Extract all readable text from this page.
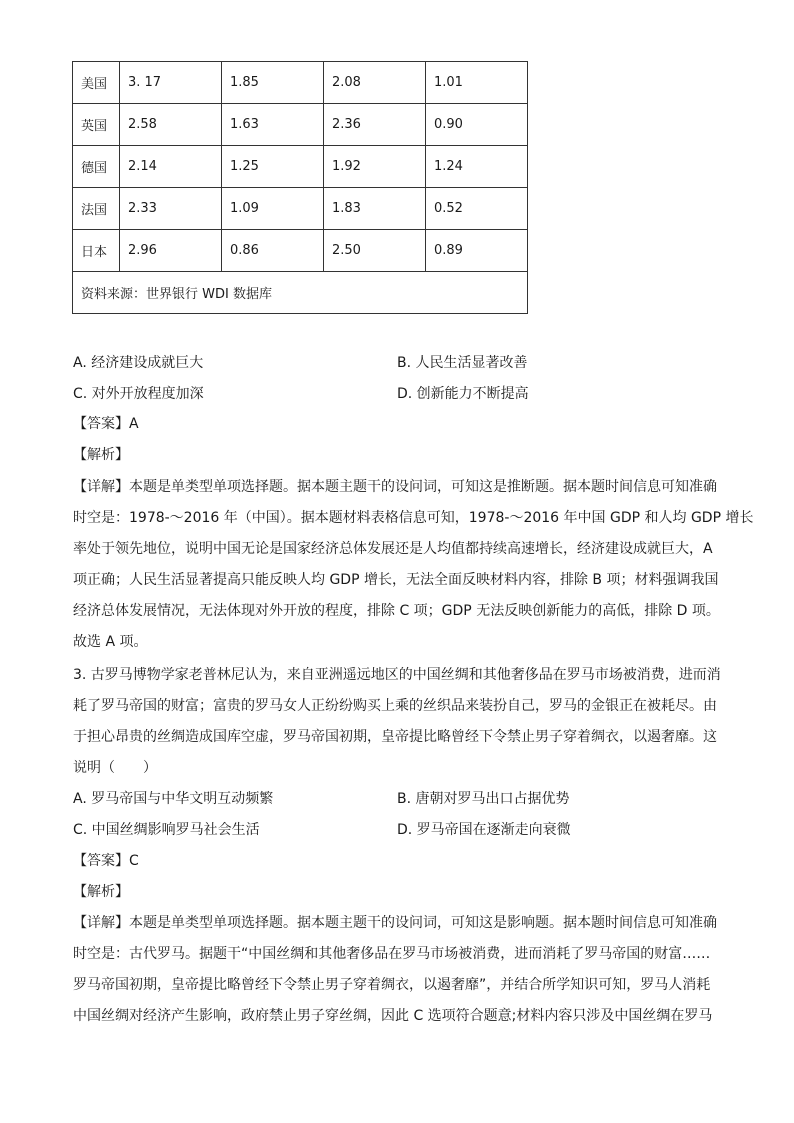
美国	3. 17	1.85	2.08	1.01
英国	2.58	1.63	2.36	0.90
德国	2.14	1.25	1.92	1.24
法国	2.33	1.09	1.83	0.52
日本	2.96	0.86	2.50	0.89
资料来源：世界银行 WDI 数据库				
A. 经济建设成就巨大	B. 人民生活显著改善
C. 对外开放程度加深	D. 创新能力不断提高
【答案】A
【解析】
【详解】本题是单类型单项选择题。据本题主题干的设问词，可知这是推断题。据本题时间信息可知准确
时空是：1978-～2016 年（中国）。据本题材料表格信息可知，1978-～2016 年中国 GDP 和人均 GDP 增长
率处于领先地位，说明中国无论是国家经济总体发展还是人均值都持续高速增长，经济建设成就巨大，A
项正确；人民生活显著提高只能反映人均 GDP 增长，无法全面反映材料内容，排除 B 项；材料强调我国
经济总体发展情况，无法体现对外开放的程度，排除 C 项；GDP 无法反映创新能力的高低，排除 D 项。
故选 A 项。
3. 古罗马博物学家老普林尼认为，来自亚洲遥远地区的中国丝绸和其他奢侈品在罗马市场被消费，进而消
耗了罗马帝国的财富；富贵的罗马女人正纷纷购买上乘的丝织品来装扮自己，罗马的金银正在被耗尽。由
于担心昂贵的丝绸造成国库空虚，罗马帝国初期，皇帝提比略曾经下令禁止男子穿着绸衣，以遏奢靡。这
说明（　　）
A. 罗马帝国与中华文明互动频繁	B. 唐朝对罗马出口占据优势
C. 中国丝绸影响罗马社会生活	D. 罗马帝国在逐渐走向衰微
【答案】C
【解析】
【详解】本题是单类型单项选择题。据本题主题干的设问词，可知这是影响题。据本题时间信息可知准确
时空是：古代罗马。据题干“中国丝绸和其他奢侈品在罗马市场被消费，进而消耗了罗马帝国的财富……
罗马帝国初期，皇帝提比略曾经下令禁止男子穿着绸衣，以遏奢靡”，并结合所学知识可知，罗马人消耗
中国丝绸对经济产生影响，政府禁止男子穿丝绸，因此 C 选项符合题意;材料内容只涉及中国丝绸在罗马
